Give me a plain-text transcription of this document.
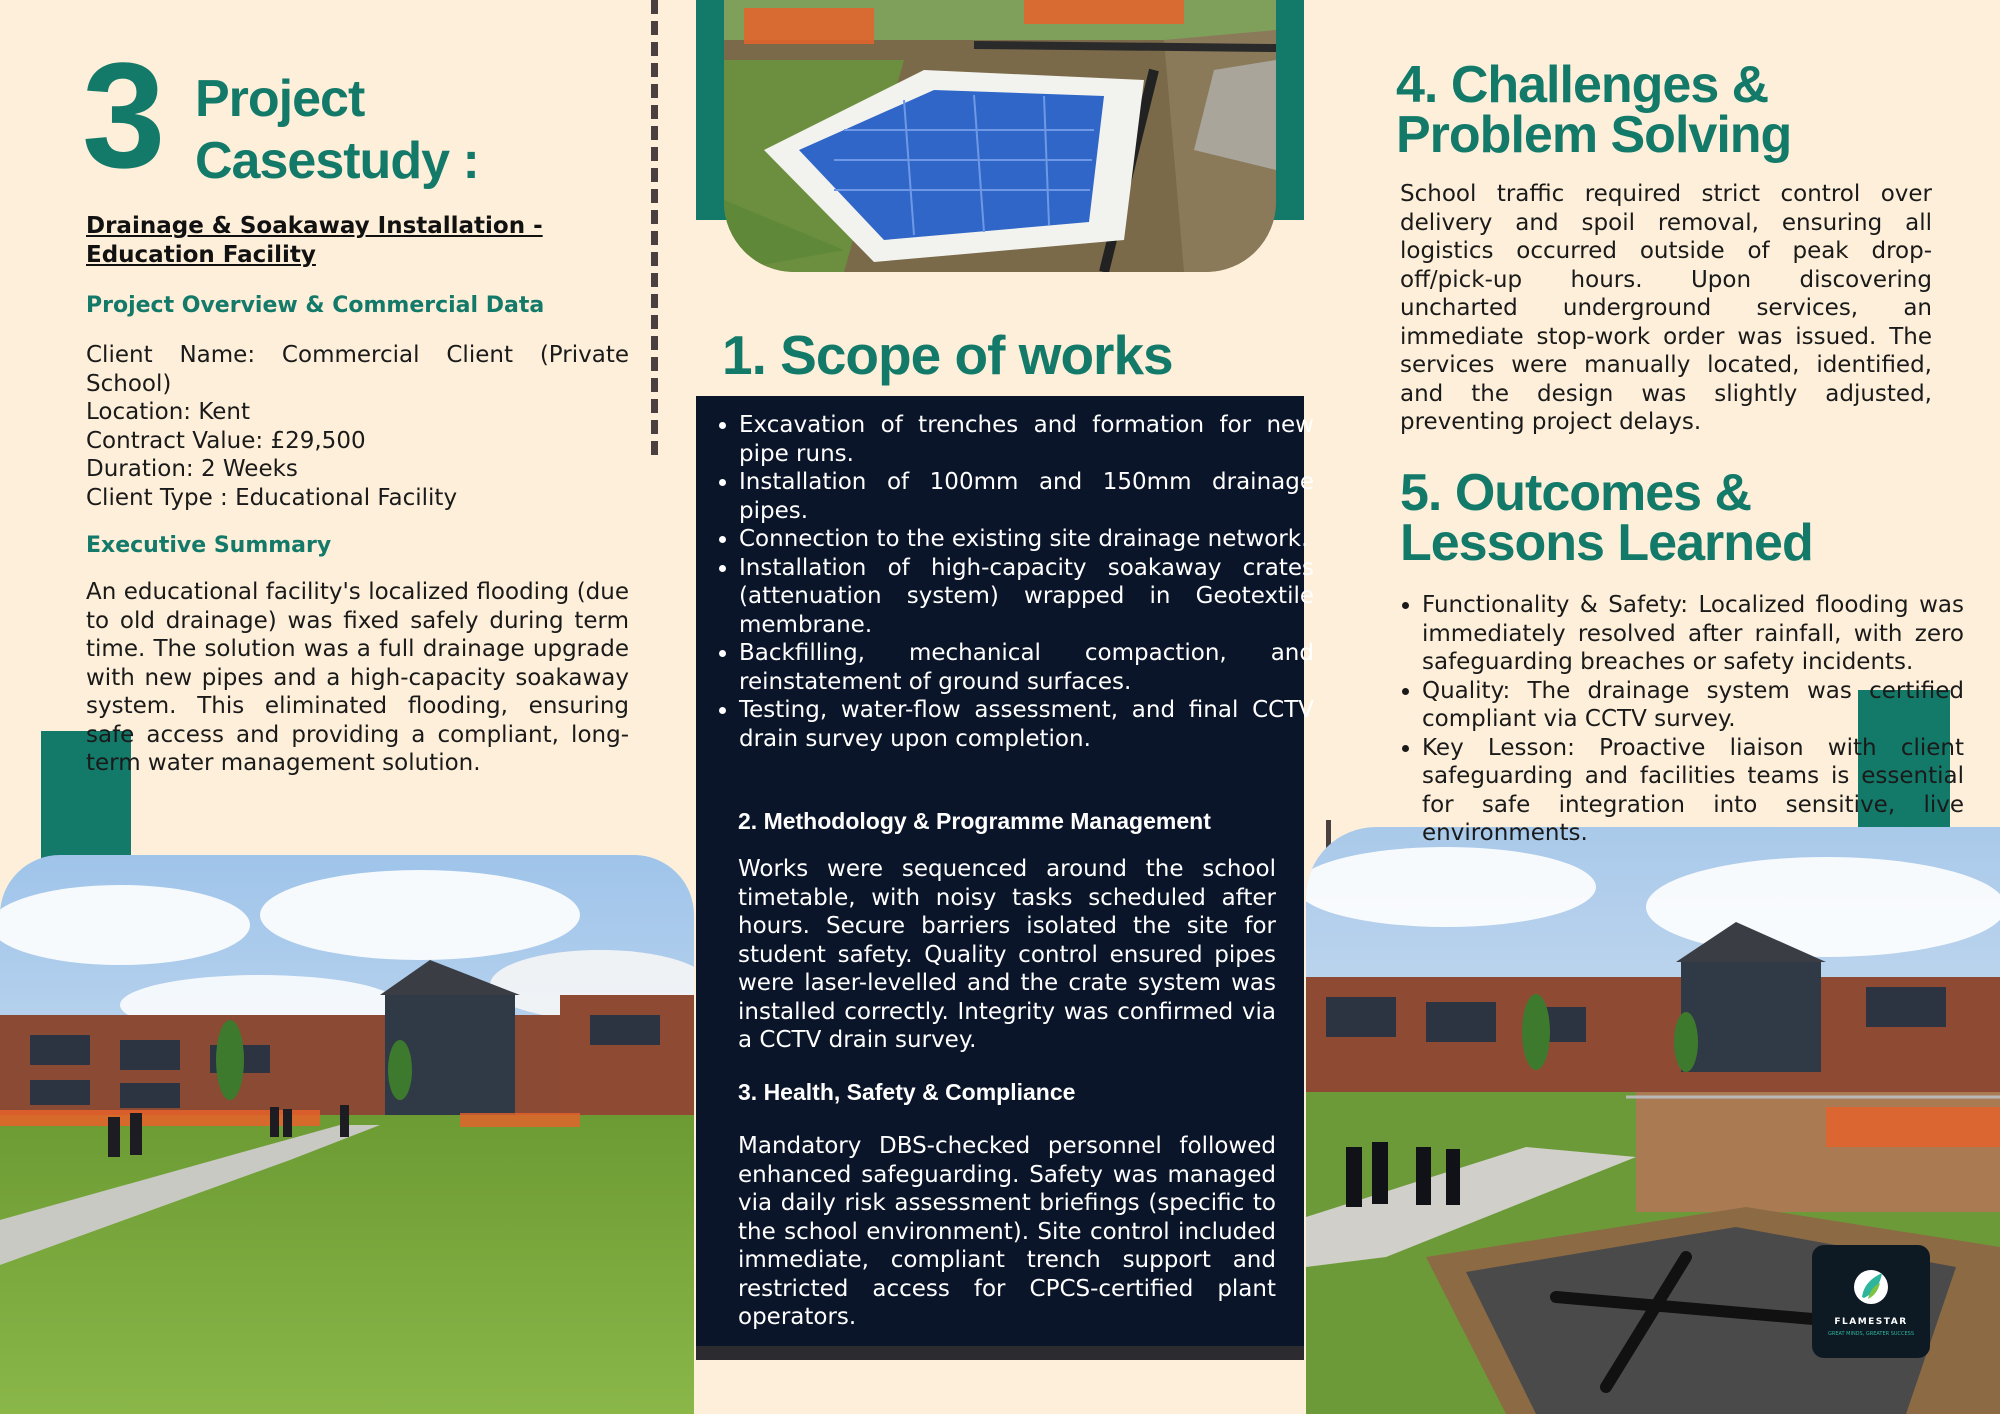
3 Project
Casestudy :
Drainage & Soakaway Installation -
Education Facility
Project Overview & Commercial Data
Client Name: Commercial Client (Private School)
Location: Kent
Contract Value: £29,500
Duration: 2 Weeks
Client Type : Educational Facility
Executive Summary
An educational facility's localized flooding (due to old drainage) was fixed safely during term time. The solution was a full drainage upgrade with new pipes and a high-capacity soakaway system. This eliminated flooding, ensuring safe access and providing a compliant, long-term water management solution.
1. Scope of works
• Excavation of trenches and formation for new pipe runs.
• Installation of 100mm and 150mm drainage pipes.
• Connection to the existing site drainage network.
• Installation of high-capacity soakaway crates (attenuation system) wrapped in Geotextile membrane.
• Backfilling, mechanical compaction, and reinstatement of ground surfaces.
• Testing, water-flow assessment, and final CCTV drain survey upon completion.
2. Methodology & Programme Management
Works were sequenced around the school timetable, with noisy tasks scheduled after hours. Secure barriers isolated the site for student safety. Quality control ensured pipes were laser-levelled and the crate system was installed correctly. Integrity was confirmed via a CCTV drain survey.
3. Health, Safety & Compliance
Mandatory DBS-checked personnel followed enhanced safeguarding. Safety was managed via daily risk assessment briefings (specific to the school environment). Site control included immediate, compliant trench support and restricted access for CPCS-certified plant operators.
4. Challenges &
Problem Solving
School traffic required strict control over delivery and spoil removal, ensuring all logistics occurred outside of peak drop-off/pick-up hours. Upon discovering uncharted underground services, an immediate stop-work order was issued. The services were manually located, identified, and the design was slightly adjusted, preventing project delays.
5. Outcomes &
Lessons Learned
• Functionality & Safety: Localized flooding was immediately resolved after rainfall, with zero safeguarding breaches or safety incidents.
• Quality: The drainage system was certified compliant via CCTV survey.
• Key Lesson: Proactive liaison with client safeguarding and facilities teams is essential for safe integration into sensitive, live environments.
FLAMESTAR
GREAT MINDS, GREATER SUCCESS
